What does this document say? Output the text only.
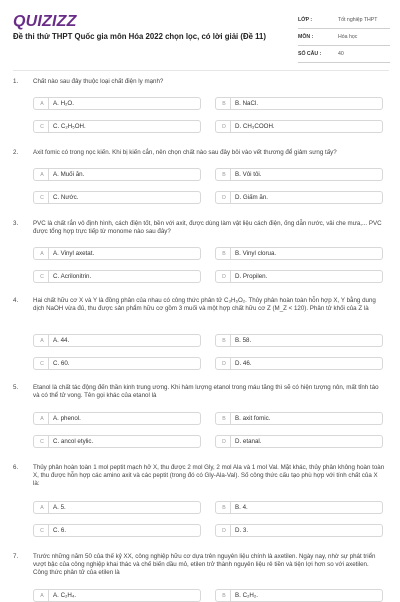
QUIZIZZ
Đề thi thử THPT Quốc gia môn Hóa 2022 chọn lọc, có lời giải (Đề 11)
LỚP :	Tốt nghiệp THPT
MÔN :	Hóa học
SỐ CÂU :	40
1. Chất nào sau đây thuộc loại chất điện ly mạnh?
A	A. H₂O.	B	B. NaCl.
C	C. C₂H₅OH.	D	D. CH₃COOH.
2. Axit fomic có trong nọc kiến. Khi bị kiến cắn, nên chọn chất nào sau đây bôi vào vết thương để giảm sưng tấy?
A	A. Muối ăn.	B	B. Vôi tôi.
C	C. Nước.	D	D. Giấm ăn.
3. PVC là chất rắn vô định hình, cách điện tốt, bền với axit, được dùng làm vật liệu cách điện, ống dẫn nước, vải che mưa,... PVC được tổng hợp trực tiếp từ monome nào sau đây?
A	A. Vinyl axetat.	B	B. Vinyl clorua.
C	C. Acrilonitrin.	D	D. Propilen.
4. Hai chất hữu cơ X và Y là đồng phân của nhau có công thức phân tử C₃H₆O₂. Thủy phân hoàn toàn hỗn hợp X, Y bằng dung dịch NaOH vừa đủ, thu được sản phẩm hữu cơ gồm 3 muối và một hợp chất hữu cơ Z (M_Z < 120). Phân tử khối của Z là
A	A. 44.	B	B. 58.
C	C. 60.	D	D. 46.
5. Etanol là chất tác động đến thần kinh trung ương. Khi hàm lượng etanol trong máu tăng thì sẽ có hiện tượng nôn, mất tỉnh táo và có thể tử vong. Tên gọi khác của etanol là
A	A. phenol.	B	B. axit fomic.
C	C. ancol etylic.	D	D. etanal.
6. Thủy phân hoàn toàn 1 mol peptit mạch hở X, thu được 2 mol Gly, 2 mol Ala và 1 mol Val. Mặt khác, thủy phân không hoàn toàn X, thu được hỗn hợp các amino axit và các peptit (trong đó có Gly-Ala-Val). Số công thức cấu tạo phù hợp với tính chất của X là:
A	A. 5.	B	B. 4.
C	C. 6.	D	D. 3.
7. Trước những năm 50 của thế kỷ XX, công nghiệp hữu cơ dựa trên nguyên liệu chính là axetilen. Ngày nay, nhờ sự phát triển vượt bậc của công nghiệp khai thác và chế biến dầu mỏ, etilen trở thành nguyên liệu rẻ tiền và tiện lợi hơn so với axetilen. Công thức phân tử của etilen là
A	A. C₂H₄.	B	B. C₂H₂.
